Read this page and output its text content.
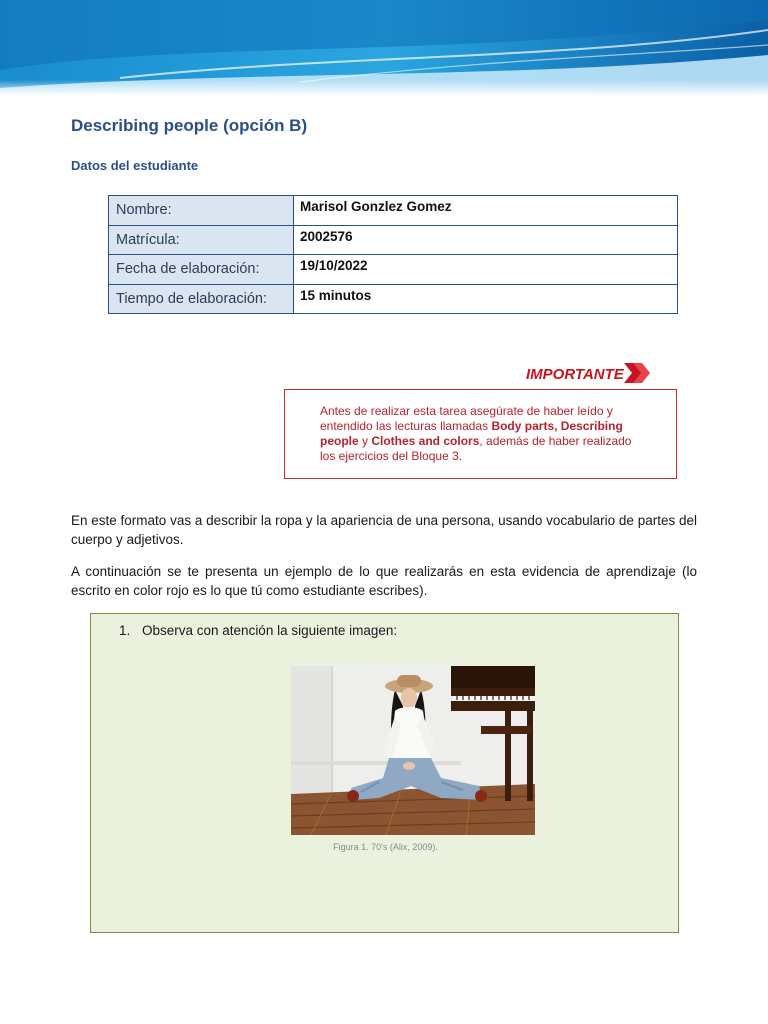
Describing people (opción B)
Datos del estudiante
Nombre:	Marisol Gonzlez Gomez
Matrícula:	2002576
Fecha de elaboración:	19/10/2022
Tiempo de elaboración:	15 minutos
IMPORTANTE
Antes de realizar esta tarea asegúrate de haber leído y entendido las lecturas llamadas Body parts, Describing people y Clothes and colors, además de haber realizado los ejercicios del Bloque 3.
En este formato vas a describir la ropa y la apariencia de una persona, usando vocabulario de partes del cuerpo y adjetivos.
A continuación se te presenta un ejemplo de lo que realizarás en esta evidencia de aprendizaje (lo escrito en color rojo es lo que tú como estudiante escribes).
1. Observa con atención la siguiente imagen:
Figura 1. 70's (Alix, 2009).
